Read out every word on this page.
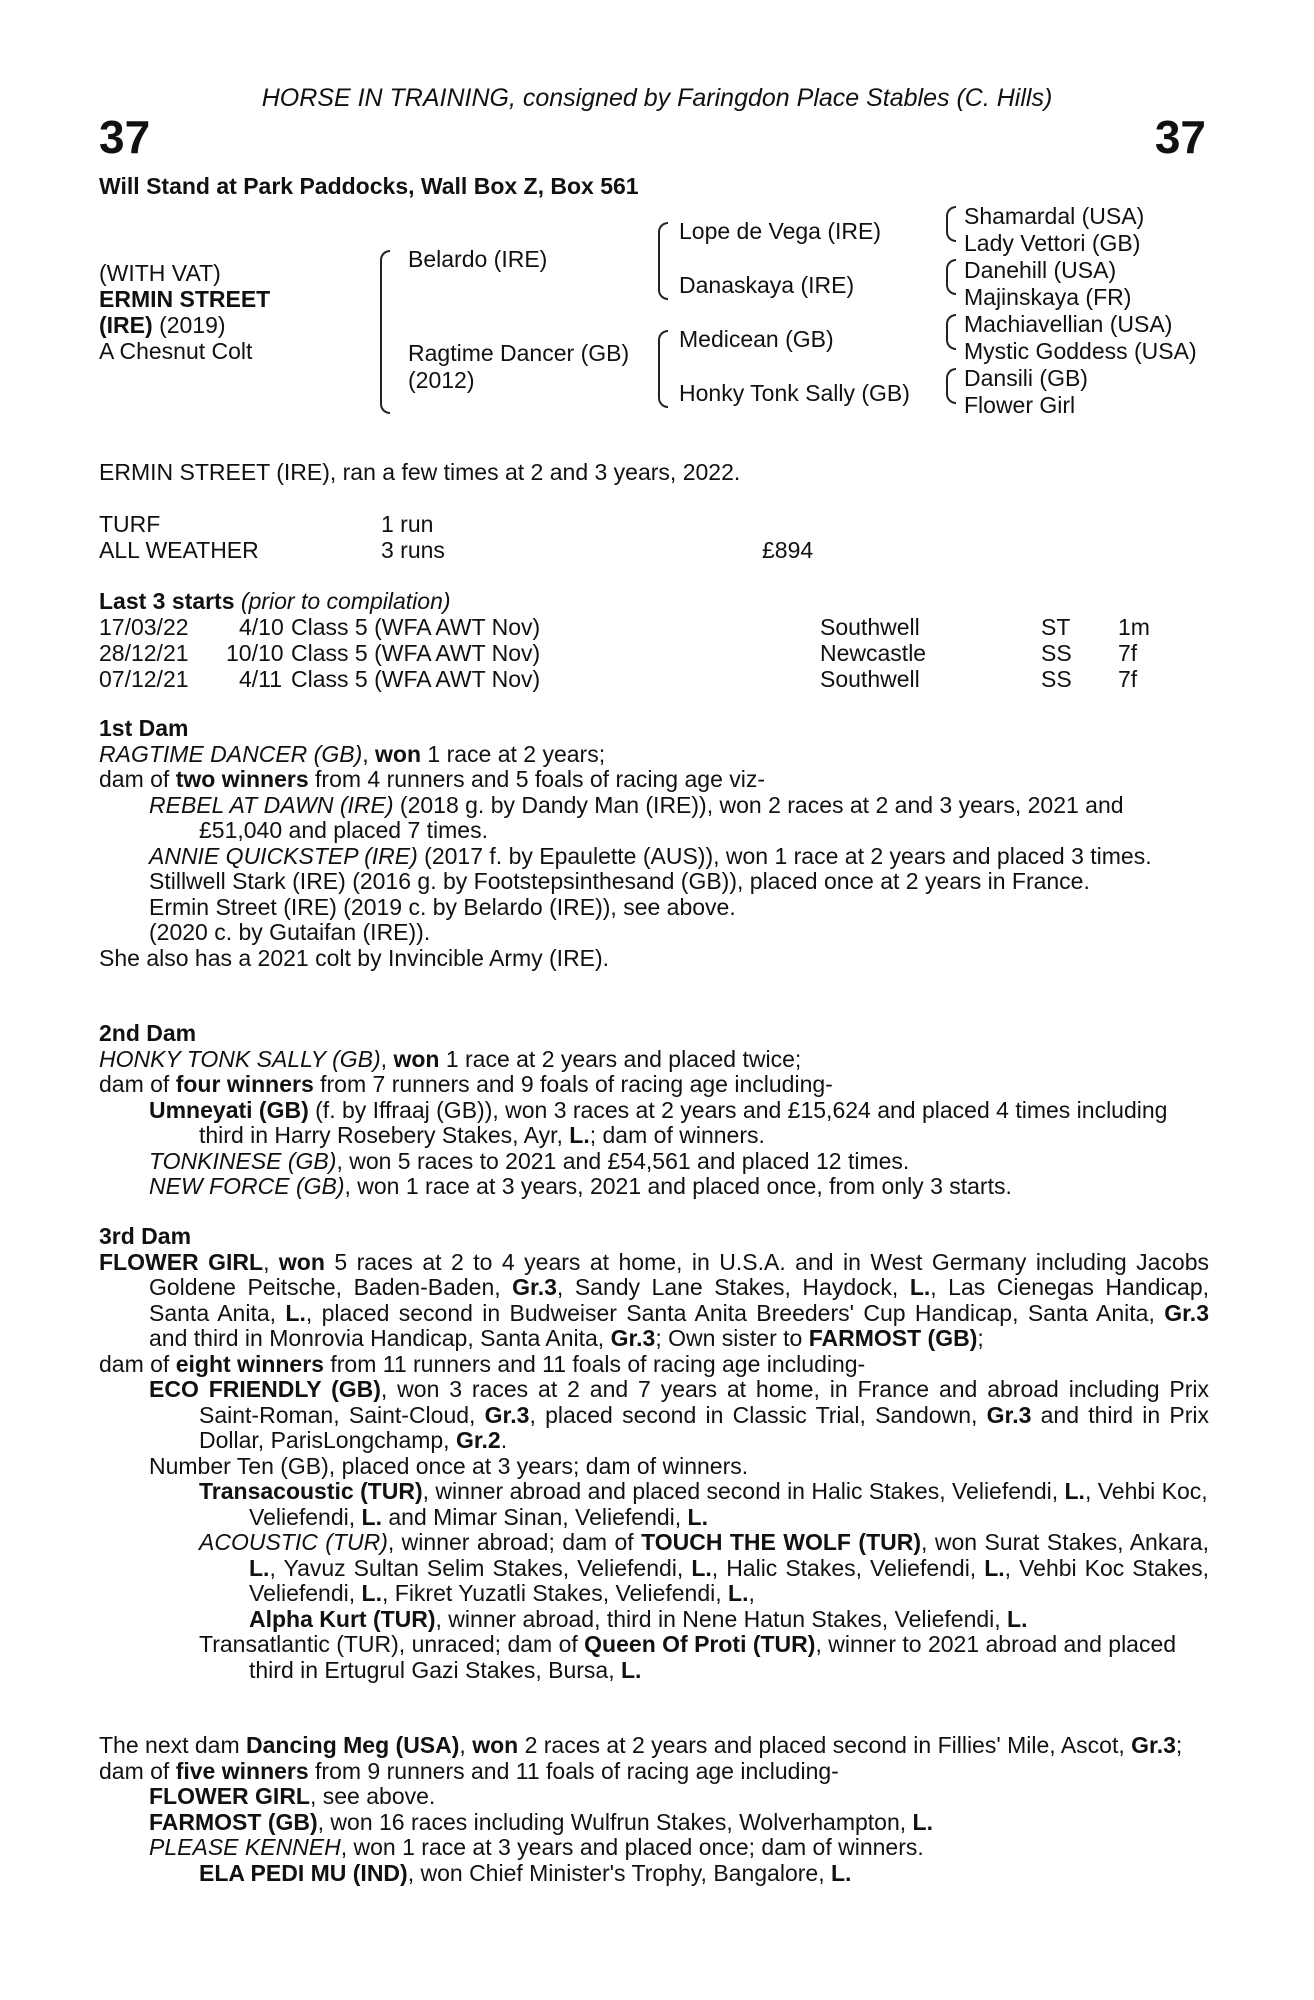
HORSE IN TRAINING, consigned by Faringdon Place Stables (C. Hills)
37	37
Will Stand at Park Paddocks, Wall Box Z, Box 561
(WITH VAT)
ERMIN STREET
(IRE) (2019)
A Chesnut Colt
Belardo (IRE)
Ragtime Dancer (GB)
(2012)
Lope de Vega (IRE)
Danaskaya (IRE)
Medicean (GB)
Honky Tonk Sally (GB)
Shamardal (USA)
Lady Vettori (GB)
Danehill (USA)
Majinskaya (FR)
Machiavellian (USA)
Mystic Goddess (USA)
Dansili (GB)
Flower Girl
ERMIN STREET (IRE), ran a few times at 2 and 3 years, 2022.
TURF	1 run
ALL WEATHER	3 runs	£894
Last 3 starts (prior to compilation)
17/03/22 4/10 Class 5 (WFA AWT Nov)	Southwell	ST 1m
28/12/21 10/10 Class 5 (WFA AWT Nov)	Newcastle	SS 7f
07/12/21 4/11 Class 5 (WFA AWT Nov)	Southwell	SS 7f

1st Dam

RAGTIME DANCER (GB), won 1 race at 2 years;

dam of two winners from 4 runners and 5 foals of racing age viz-

REBEL AT DAWN (IRE) (2018 g. by Dandy Man (IRE)), won 2 races at 2 and 3 years, 2021 and £51,040 and placed 7 times.

ANNIE QUICKSTEP (IRE) (2017 f. by Epaulette (AUS)), won 1 race at 2 years and placed 3 times.

Stillwell Stark (IRE) (2016 g. by Footstepsinthesand (GB)), placed once at 2 years in France.

Ermin Street (IRE) (2019 c. by Belardo (IRE)), see above.

(2020 c. by Gutaifan (IRE)).

She also has a 2021 colt by Invincible Army (IRE).

2nd Dam

HONKY TONK SALLY (GB), won 1 race at 2 years and placed twice;

dam of four winners from 7 runners and 9 foals of racing age including-

Umneyati (GB) (f. by Iffraaj (GB)), won 3 races at 2 years and £15,624 and placed 4 times including third in Harry Rosebery Stakes, Ayr, L.; dam of winners.

TONKINESE (GB), won 5 races to 2021 and £54,561 and placed 12 times.

NEW FORCE (GB), won 1 race at 3 years, 2021 and placed once, from only 3 starts.

3rd Dam

FLOWER GIRL, won 5 races at 2 to 4 years at home, in U.S.A. and in West Germany including Jacobs Goldene Peitsche, Baden-Baden, Gr.3, Sandy Lane Stakes, Haydock, L., Las Cienegas Handicap, Santa Anita, L., placed second in Budweiser Santa Anita Breeders' Cup Handicap, Santa Anita, Gr.3 and third in Monrovia Handicap, Santa Anita, Gr.3; Own sister to FARMOST (GB);

dam of eight winners from 11 runners and 11 foals of racing age including-

ECO FRIENDLY (GB), won 3 races at 2 and 7 years at home, in France and abroad including Prix Saint-Roman, Saint-Cloud, Gr.3, placed second in Classic Trial, Sandown, Gr.3 and third in Prix Dollar, ParisLongchamp, Gr.2.

Number Ten (GB), placed once at 3 years; dam of winners.

Transacoustic (TUR), winner abroad and placed second in Halic Stakes, Veliefendi, L., Vehbi Koc, Veliefendi, L. and Mimar Sinan, Veliefendi, L.

ACOUSTIC (TUR), winner abroad; dam of TOUCH THE WOLF (TUR), won Surat Stakes, Ankara, L., Yavuz Sultan Selim Stakes, Veliefendi, L., Halic Stakes, Veliefendi, L., Vehbi Koc Stakes, Veliefendi, L., Fikret Yuzatli Stakes, Veliefendi, L.,

Alpha Kurt (TUR), winner abroad, third in Nene Hatun Stakes, Veliefendi, L.

Transatlantic (TUR), unraced; dam of Queen Of Proti (TUR), winner to 2021 abroad and placed third in Ertugrul Gazi Stakes, Bursa, L.

The next dam Dancing Meg (USA), won 2 races at 2 years and placed second in Fillies' Mile, Ascot, Gr.3;

dam of five winners from 9 runners and 11 foals of racing age including-

FLOWER GIRL, see above.

FARMOST (GB), won 16 races including Wulfrun Stakes, Wolverhampton, L.

PLEASE KENNEH, won 1 race at 3 years and placed once; dam of winners.

ELA PEDI MU (IND), won Chief Minister's Trophy, Bangalore, L.
